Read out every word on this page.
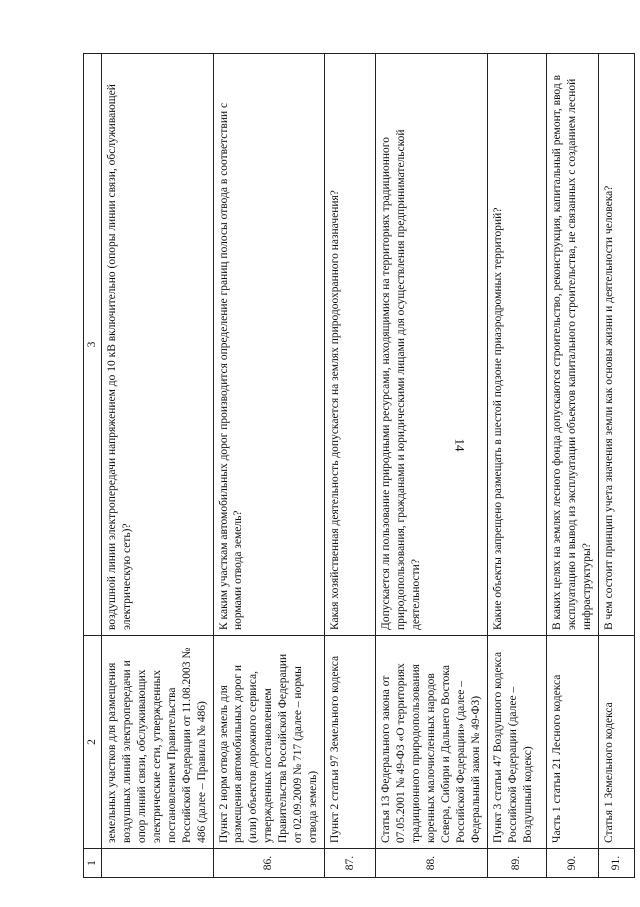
14
1	2	3
	земельных участков для размещения воздушных линий электропередачи и опор линий связи, обслуживающих электрические сети, утвержденных постановлением Правительства Российской Федерации от 11.08.2003 № 486 (далее – Правила № 486)	воздушной линии электропередачи напряжением до 10 кВ включительно (опоры линии связи, обслуживающей электрическую сеть)?
86.	Пункт 2 норм отвода земель для размещения автомобильных дорог и (или) объектов дорожного сервиса, утвержденных постановлением Правительства Российской Федерации от 02.09.2009 № 717 (далее – нормы отвода земель)	К каким участкам автомобильных дорог производится определение границ полосы отвода в соответствии с нормами отвода земель?
87.	Пункт 2 статьи 97 Земельного кодекса	Какая хозяйственная деятельность допускается на землях природоохранного назначения?
88.	Статья 13 Федерального закона от 07.05.2001 № 49-ФЗ «О территориях традиционного природопользования коренных малочисленных народов Севера, Сибири и Дальнего Востока Российской Федерации» (далее – Федеральный закон № 49-ФЗ)	Допускается ли пользование природными ресурсами, находящимися на территориях традиционного природопользования, гражданами и юридическими лицами для осуществления предпринимательской деятельности?
89.	Пункт 3 статьи 47 Воздушного кодекса Российской Федерации (далее – Воздушный кодекс)	Какие объекты запрещено размещать в шестой подзоне приаэродромных территорий?
90.	Часть 1 статьи 21 Лесного кодекса	В каких целях на землях лесного фонда допускаются строительство, реконструкция, капитальный ремонт, ввод в эксплуатацию и вывод из эксплуатации объектов капитального строительства, не связанных с созданием лесной инфраструктуры?
91.	Статья 1 Земельного кодекса	В чем состоит принцип учета значения земли как основы жизни и деятельности человека?
